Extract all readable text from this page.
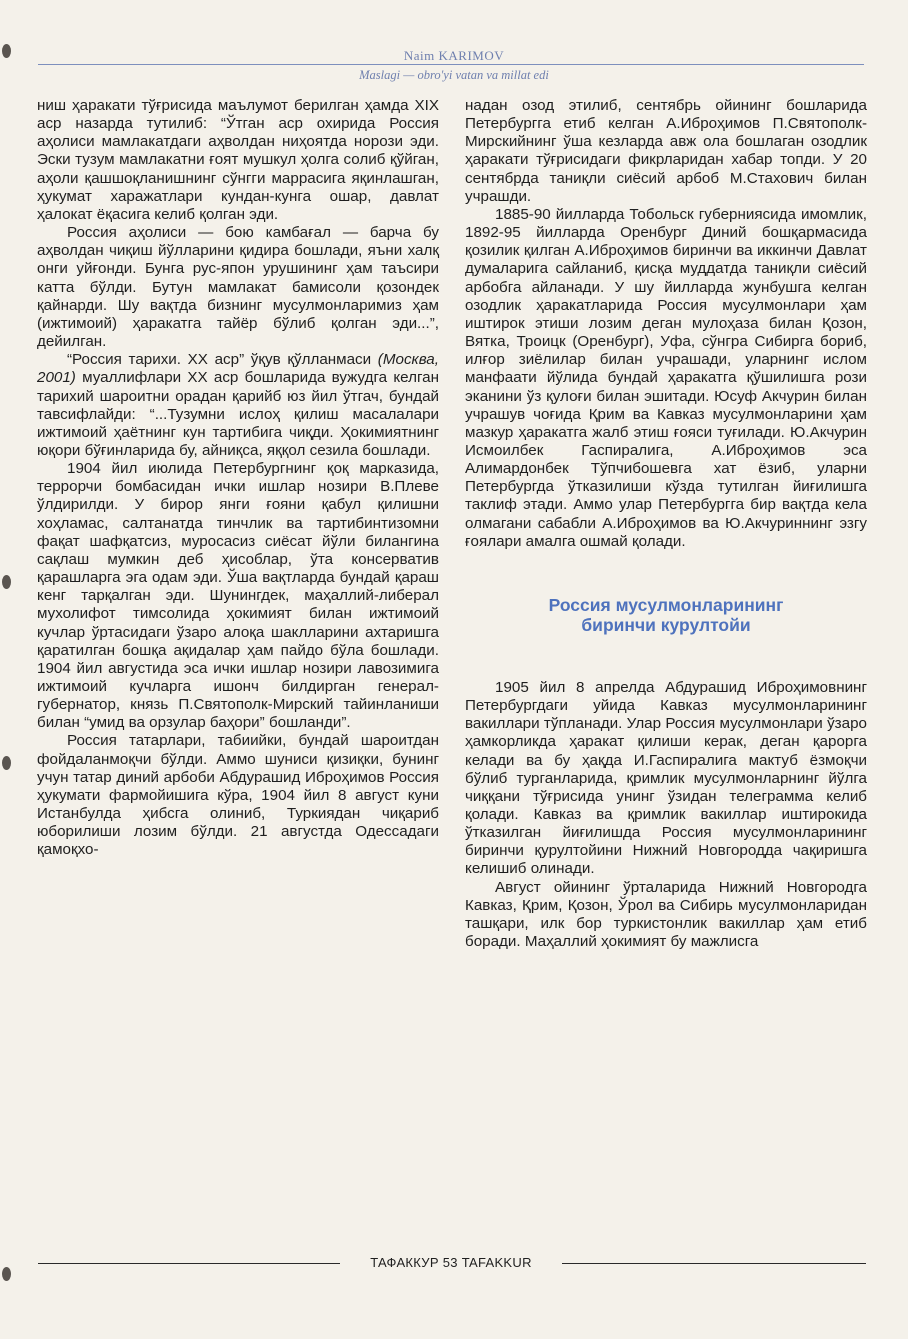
Naim KARIMOV
Maslagi — obro'yi vatan va millat edi

ниш ҳаракати тўғрисида маълумот берилган ҳамда XIX аср назарда тутилиб: “Ўтган аср охирида Россия аҳолиси мамлакатдаги аҳволдан ниҳоятда норози эди. Эски тузум мамлакатни ғоят мушкул ҳолга солиб қўйган, аҳоли қашшоқланишнинг сўнгги маррасига яқинлашган, ҳукумат харажатлари кундан-кунга ошар, давлат ҳалокат ёқасига келиб қолган эди.

Россия аҳолиси — бою камбағал — барча бу аҳволдан чиқиш йўлларини қидира бошлади, яъни халқ онги уйғонди. Бунга рус-япон урушининг ҳам таъсири катта бўлди. Бутун мамлакат бамисоли қозондек қайнарди. Шу вақтда бизнинг мусулмонларимиз ҳам (ижтимоий) ҳаракатга тайёр бўлиб қолган эди...”, дейилган.

“Россия тарихи. XX аср” ўқув қўлланмаси (Москва, 2001) муаллифлари XX аср бошларида вужудга келган тарихий шароитни орадан қарийб юз йил ўтгач, бундай тавсифлайди: “...Тузумни ислоҳ қилиш масалалари ижтимоий ҳаётнинг кун тартибига чиқди. Ҳокимиятнинг юқори бўғинларида бу, айниқса, яққол сезила бошлади.

1904 йил июлида Петербургнинг қоқ марказида, террорчи бомбасидан ички ишлар нозири В.Плеве ўлдирилди. У бирор янги ғояни қабул қилишни хоҳламас, салтанатда тинчлик ва тартибинтизомни фақат шафқатсиз, муросасиз сиёсат йўли билангина сақлаш мумкин деб ҳисоблар, ўта консерватив қарашларга эга одам эди. Ўша вақтларда бундай қараш кенг тарқалган эди. Шунингдек, маҳаллий-либерал мухолифот тимсолида ҳокимият билан ижтимоий кучлар ўртасидаги ўзаро алоқа шаклларини ахтаришга қаратилган бошқа ақидалар ҳам пайдо бўла бошлади. 1904 йил августида эса ички ишлар нозири лавозимига ижтимоий кучларга ишонч билдирган генерал-губернатор, князь П.Святополк-Мирский тайинланиши билан “умид ва орзулар баҳори” бошланди”.

Россия татарлари, табиийки, бундай шароитдан фойдаланмоқчи бўлди. Аммо шуниси қизиқки, бунинг учун татар диний арбоби Абдурашид Иброҳимов Россия ҳукумати фармойишига кўра, 1904 йил 8 август куни Истанбулда ҳибсга олиниб, Туркиядан чиқариб юборилиши лозим бўлди. 21 августда Одессадаги қамоқхо-

надан озод этилиб, сентябрь ойининг бошларида Петербургга етиб келган А.Иброҳимов П.Святополк-Мирскийнинг ўша кезларда авж ола бошлаган озодлик ҳаракати тўғрисидаги фикрларидан хабар топди. У 20 сентябрда таниқли сиёсий арбоб М.Стахович билан учрашди.

1885-90 йилларда Тобольск губерниясида имомлик, 1892-95 йилларда Оренбург Диний бошқармасида қозилик қилган А.Иброҳимов биринчи ва иккинчи Давлат думаларига сайланиб, қисқа муддатда таниқли сиёсий арбобга айланади. У шу йилларда жунбушга келган озодлик ҳаракатларида Россия мусулмонлари ҳам иштирок этиши лозим деган мулоҳаза билан Қозон, Вятка, Троицк (Оренбург), Уфа, сўнгра Сибирга бориб, илғор зиёлилар билан учрашади, уларнинг ислом манфаати йўлида бундай ҳаракатга қўшилишга рози эканини ўз қулоғи билан эшитади. Юсуф Акчурин билан учрашув чоғида Қрим ва Кавказ мусулмонларини ҳам мазкур ҳаракатга жалб этиш ғояси туғилади. Ю.Акчурин Исмоилбек Гаспиралига, А.Иброҳимов эса Алимардонбек Тўпчибошевга хат ёзиб, уларни Петербургда ўтказилиши кўзда тутилган йиғилишга таклиф этади. Аммо улар Петербургга бир вақтда кела олмагани сабабли А.Иброҳимов ва Ю.Акчуриннинг эзгу ғоялари амалга ошмай қолади.

Россия мусулмонларининг
биринчи курултойи

1905 йил 8 апрелда Абдурашид Иброҳимовнинг Петербургдаги уйида Кавказ мусулмонларининг вакиллари тўпланади. Улар Россия мусулмонлари ўзаро ҳамкорликда ҳаракат қилиши керак, деган қарорга келади ва бу ҳақда И.Гаспиралига мактуб ёзмоқчи бўлиб турганларида, қримлик мусулмонларнинг йўлга чиққани тўғрисида унинг ўзидан телеграмма келиб қолади. Кавказ ва қримлик вакиллар иштирокида ўтказилган йиғилишда Россия мусулмонларининг биринчи қурултойини Нижний Новгородда чақиришга келишиб олинади.

Август ойининг ўрталарида Нижний Новгородга Кавказ, Қрим, Қозон, Ўрол ва Сибирь мусулмонларидан ташқари, илк бор туркистонлик вакиллар ҳам етиб боради. Маҳаллий ҳокимият бу мажлисга

ТАФАККУР 53 TAFAKKUR
